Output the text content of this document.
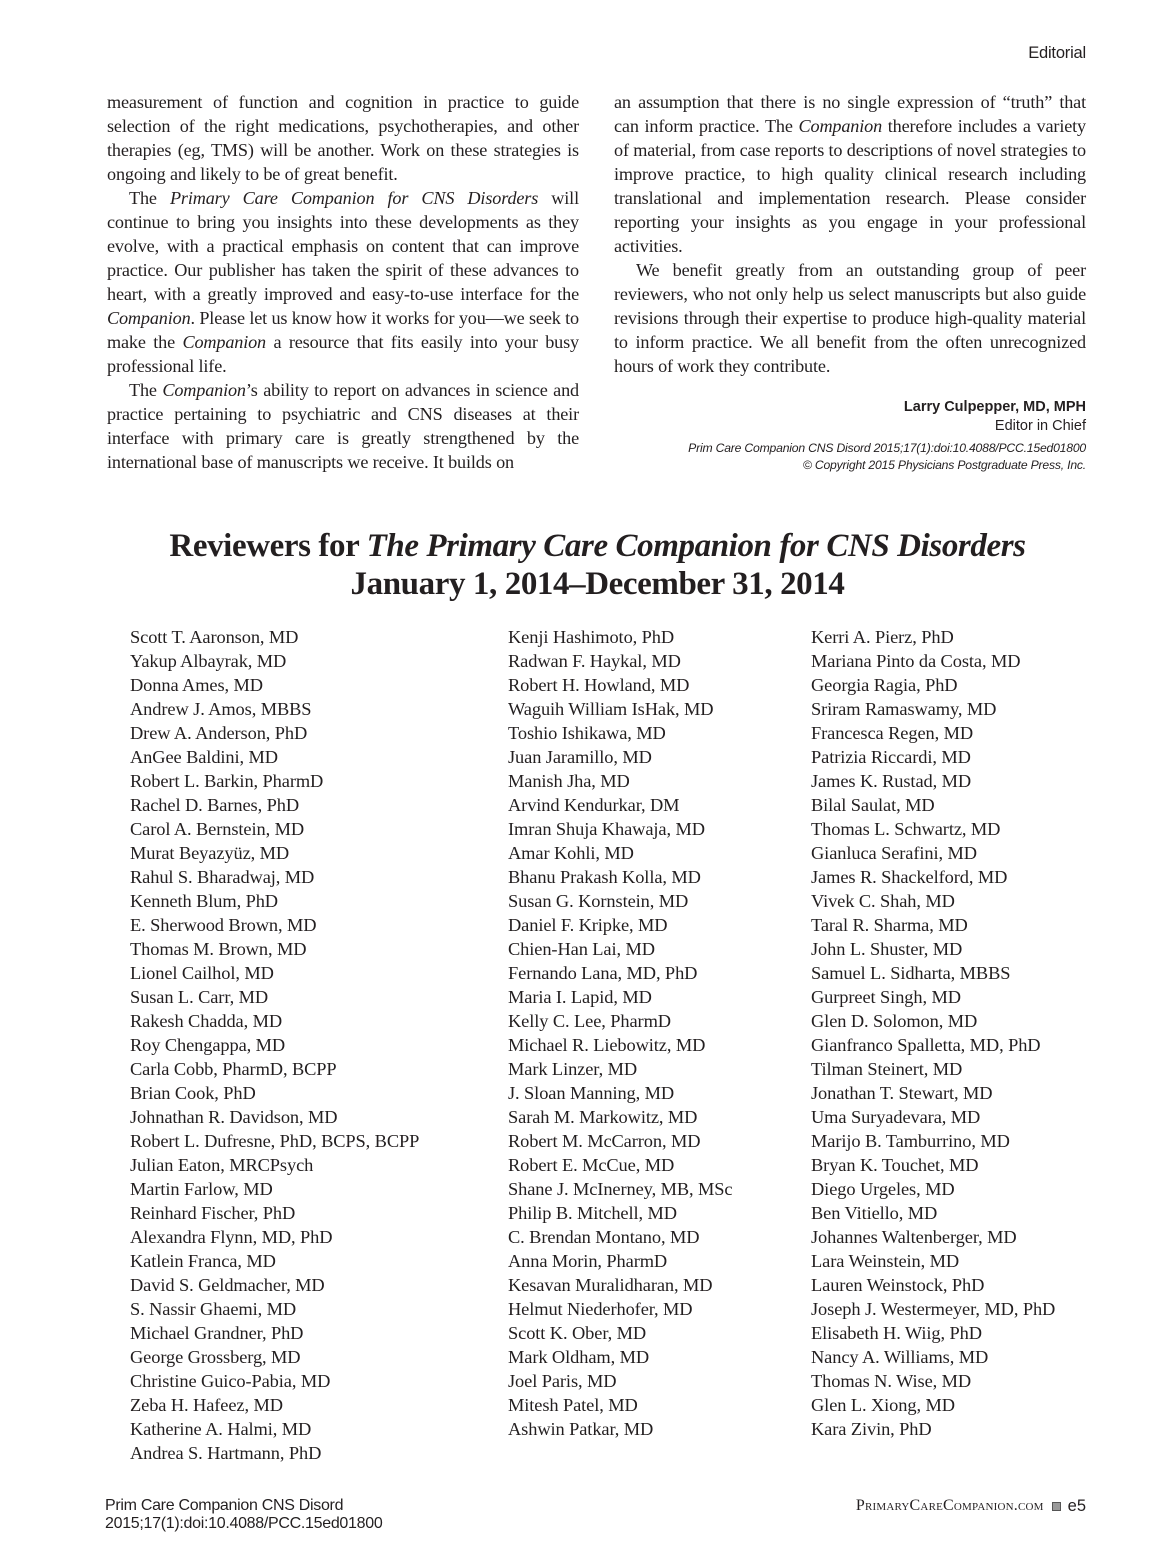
Editorial

measurement of function and cognition in practice to guide selection of the right medications, psychotherapies, and other therapies (eg, TMS) will be another. Work on these strategies is ongoing and likely to be of great benefit.

The Primary Care Companion for CNS Disorders will continue to bring you insights into these developments as they evolve, with a practical emphasis on content that can improve practice. Our publisher has taken the spirit of these advances to heart, with a greatly improved and easy-to-use interface for the Companion. Please let us know how it works for you—we seek to make the Companion a resource that fits easily into your busy professional life.

The Companion’s ability to report on advances in science and practice pertaining to psychiatric and CNS diseases at their interface with primary care is greatly strengthened by the international base of manuscripts we receive. It builds on

an assumption that there is no single expression of “truth” that can inform practice. The Companion therefore includes a variety of material, from case reports to descriptions of novel strategies to improve practice, to high quality clinical research including translational and implementation research. Please consider reporting your insights as you engage in your professional activities.

We benefit greatly from an outstanding group of peer reviewers, who not only help us select manuscripts but also guide revisions through their expertise to produce high-quality material to inform practice. We all benefit from the often unrecognized hours of work they contribute.

Larry Culpepper, MD, MPH
Editor in Chief
Prim Care Companion CNS Disord 2015;17(1):doi:10.4088/PCC.15ed01800
© Copyright 2015 Physicians Postgraduate Press, Inc.
Reviewers for The Primary Care Companion for CNS Disorders
January 1, 2014–December 31, 2014
Scott T. Aaronson, MD
Yakup Albayrak, MD
Donna Ames, MD
Andrew J. Amos, MBBS
Drew A. Anderson, PhD
AnGee Baldini, MD
Robert L. Barkin, PharmD
Rachel D. Barnes, PhD
Carol A. Bernstein, MD
Murat Beyazyüz, MD
Rahul S. Bharadwaj, MD
Kenneth Blum, PhD
E. Sherwood Brown, MD
Thomas M. Brown, MD
Lionel Cailhol, MD
Susan L. Carr, MD
Rakesh Chadda, MD
Roy Chengappa, MD
Carla Cobb, PharmD, BCPP
Brian Cook, PhD
Johnathan R. Davidson, MD
Robert L. Dufresne, PhD, BCPS, BCPP
Julian Eaton, MRCPsych
Martin Farlow, MD
Reinhard Fischer, PhD
Alexandra Flynn, MD, PhD
Katlein Franca, MD
David S. Geldmacher, MD
S. Nassir Ghaemi, MD
Michael Grandner, PhD
George Grossberg, MD
Christine Guico-Pabia, MD
Zeba H. Hafeez, MD
Katherine A. Halmi, MD
Andrea S. Hartmann, PhD
Kenji Hashimoto, PhD
Radwan F. Haykal, MD
Robert H. Howland, MD
Waguih William IsHak, MD
Toshio Ishikawa, MD
Juan Jaramillo, MD
Manish Jha, MD
Arvind Kendurkar, DM
Imran Shuja Khawaja, MD
Amar Kohli, MD
Bhanu Prakash Kolla, MD
Susan G. Kornstein, MD
Daniel F. Kripke, MD
Chien-Han Lai, MD
Fernando Lana, MD, PhD
Maria I. Lapid, MD
Kelly C. Lee, PharmD
Michael R. Liebowitz, MD
Mark Linzer, MD
J. Sloan Manning, MD
Sarah M. Markowitz, MD
Robert M. McCarron, MD
Robert E. McCue, MD
Shane J. McInerney, MB, MSc
Philip B. Mitchell, MD
C. Brendan Montano, MD
Anna Morin, PharmD
Kesavan Muralidharan, MD
Helmut Niederhofer, MD
Scott K. Ober, MD
Mark Oldham, MD
Joel Paris, MD
Mitesh Patel, MD
Ashwin Patkar, MD
Kerri A. Pierz, PhD
Mariana Pinto da Costa, MD
Georgia Ragia, PhD
Sriram Ramaswamy, MD
Francesca Regen, MD
Patrizia Riccardi, MD
James K. Rustad, MD
Bilal Saulat, MD
Thomas L. Schwartz, MD
Gianluca Serafini, MD
James R. Shackelford, MD
Vivek C. Shah, MD
Taral R. Sharma, MD
John L. Shuster, MD
Samuel L. Sidharta, MBBS
Gurpreet Singh, MD
Glen D. Solomon, MD
Gianfranco Spalletta, MD, PhD
Tilman Steinert, MD
Jonathan T. Stewart, MD
Uma Suryadevara, MD
Marijo B. Tamburrino, MD
Bryan K. Touchet, MD
Diego Urgeles, MD
Ben Vitiello, MD
Johannes Waltenberger, MD
Lara Weinstein, MD
Lauren Weinstock, PhD
Joseph J. Westermeyer, MD, PhD
Elisabeth H. Wiig, PhD
Nancy A. Williams, MD
Thomas N. Wise, MD
Glen L. Xiong, MD
Kara Zivin, PhD
Prim Care Companion CNS Disord
2015;17(1):doi:10.4088/PCC.15ed01800
PrimaryCareCompanion.com e5
